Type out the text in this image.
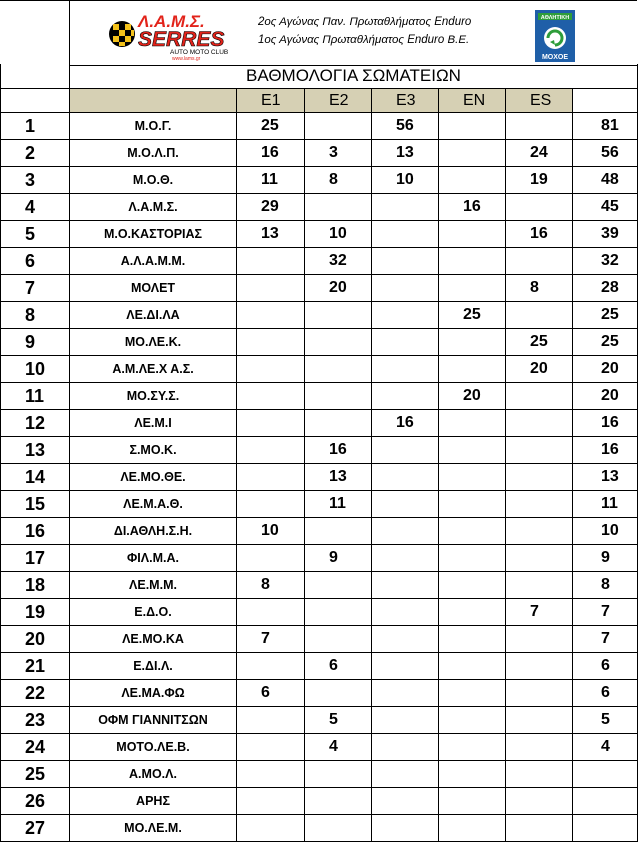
Λ.Α.Μ.Σ.
SERRES
AUTO MOTO CLUB
www.lams.gr
2ος Αγώνας Παν. Πρωταθλήματος Enduro
1ος Αγώνας Πρωταθλήματος Enduro Β.Ε.
ΑΘΛΗΤΙΚΗ
ΜΟΧΟΕ
	ΒΑΘΜΟΛΟΓΙΑ ΣΩΜΑΤΕΙΩΝ						
		E1	E2	E3	EN	ES	
1	Μ.Ο.Γ.	25		56			81
2	Μ.Ο.Λ.Π.	16	3	13		24	56
3	Μ.Ο.Θ.	11	8	10		19	48
4	Λ.Α.Μ.Σ.	29			16		45
5	Μ.Ο.ΚΑΣΤΟΡΙΑΣ	13	10			16	39
6	Α.Λ.Α.Μ.Μ.		32				32
7	ΜΟΛΕΤ		20			8	28
8	ΛΕ.ΔΙ.ΛΑ				25		25
9	ΜΟ.ΛΕ.Κ.					25	25
10	Α.Μ.ΛΕ.Χ Α.Σ.					20	20
11	ΜΟ.ΣΥ.Σ.				20		20
12	ΛΕ.Μ.Ι			16			16
13	Σ.ΜΟ.Κ.		16				16
14	ΛΕ.ΜΟ.ΘΕ.		13				13
15	ΛΕ.Μ.Α.Θ.		11				11
16	ΔΙ.ΑΘΛΗ.Σ.Η.	10					10
17	ΦΙΛ.Μ.Α.		9				9
18	ΛΕ.Μ.Μ.	8					8
19	Ε.Δ.Ο.					7	7
20	ΛΕ.ΜΟ.ΚΑ	7					7
21	Ε.ΔΙ.Λ.		6				6
22	ΛΕ.ΜΑ.ΦΩ	6					6
23	ΟΦΜ ΓΙΑΝΝΙΤΣΩΝ		5				5
24	ΜΟΤΟ.ΛΕ.Β.		4				4
25	Α.ΜΟ.Λ.						
26	ΑΡΗΣ						
27	ΜΟ.ΛΕ.Μ.						
